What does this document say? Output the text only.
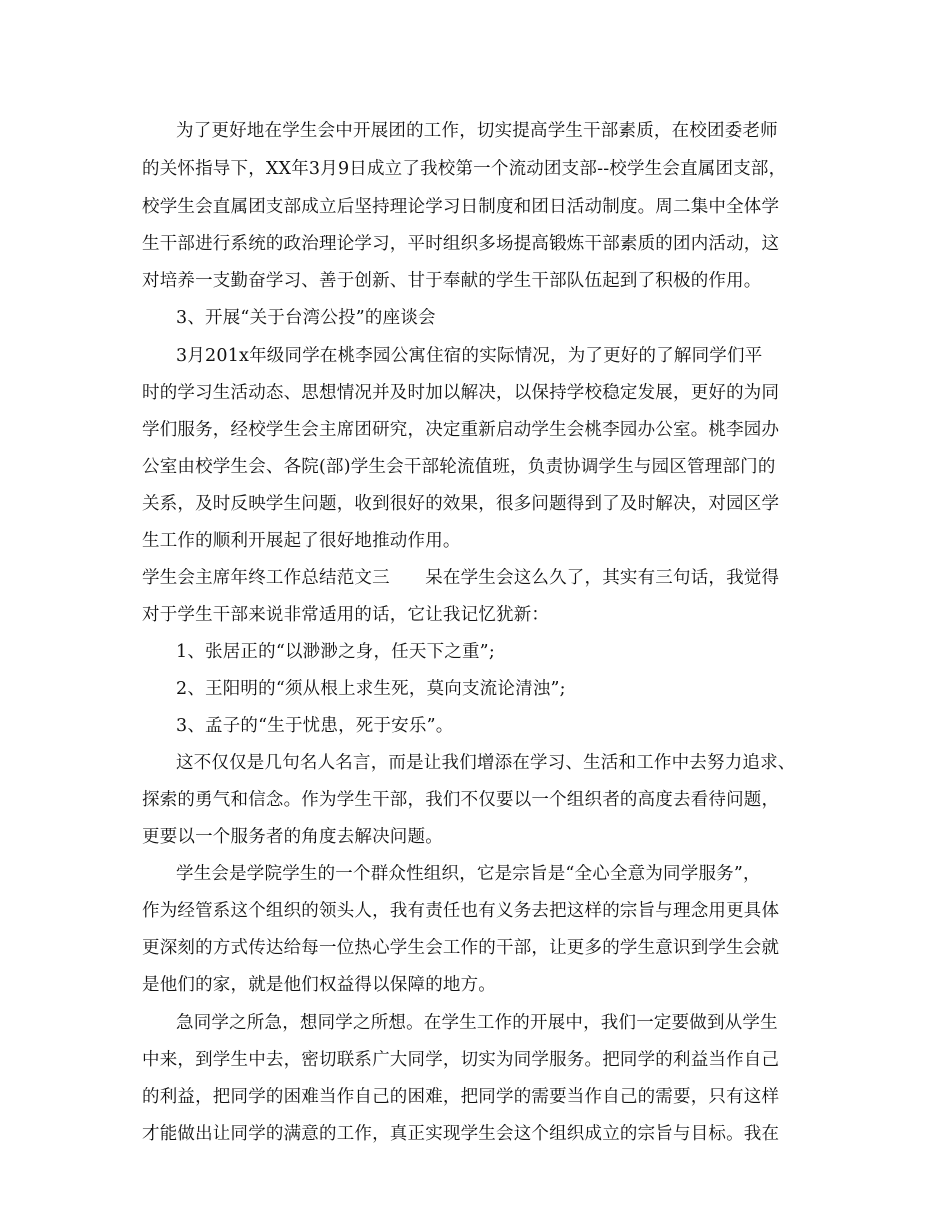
为了更好地在学生会中开展团的工作，切实提高学生干部素质，在校团委老师
的关怀指导下，XX年3月9日成立了我校第一个流动团支部--校学生会直属团支部，
校学生会直属团支部成立后坚持理论学习日制度和团日活动制度。周二集中全体学
生干部进行系统的政治理论学习，平时组织多场提高锻炼干部素质的团内活动，这
对培养一支勤奋学习、善于创新、甘于奉献的学生干部队伍起到了积极的作用。
3、开展“关于台湾公投”的座谈会
3月201x年级同学在桃李园公寓住宿的实际情况，为了更好的了解同学们平
时的学习生活动态、思想情况并及时加以解决，以保持学校稳定发展，更好的为同
学们服务，经校学生会主席团研究，决定重新启动学生会桃李园办公室。桃李园办
公室由校学生会、各院(部)学生会干部轮流值班，负责协调学生与园区管理部门的
关系，及时反映学生问题，收到很好的效果，很多问题得到了及时解决，对园区学
生工作的顺利开展起了很好地推动作用。
学生会主席年终工作总结范文三　　呆在学生会这么久了，其实有三句话，我觉得
对于学生干部来说非常适用的话，它让我记忆犹新：
1、张居正的“以渺渺之身，任天下之重”;
2、王阳明的“须从根上求生死，莫向支流论清浊”;
3、孟子的“生于忧患，死于安乐”。
这不仅仅是几句名人名言，而是让我们增添在学习、生活和工作中去努力追求、
探索的勇气和信念。作为学生干部，我们不仅要以一个组织者的高度去看待问题，
更要以一个服务者的角度去解决问题。
学生会是学院学生的一个群众性组织，它是宗旨是“全心全意为同学服务”，
作为经管系这个组织的领头人，我有责任也有义务去把这样的宗旨与理念用更具体
更深刻的方式传达给每一位热心学生会工作的干部，让更多的学生意识到学生会就
是他们的家，就是他们权益得以保障的地方。
急同学之所急，想同学之所想。在学生工作的开展中，我们一定要做到从学生
中来，到学生中去，密切联系广大同学，切实为同学服务。把同学的利益当作自己
的利益，把同学的困难当作自己的困难，把同学的需要当作自己的需要，只有这样
才能做出让同学的满意的工作，真正实现学生会这个组织成立的宗旨与目标。我在
